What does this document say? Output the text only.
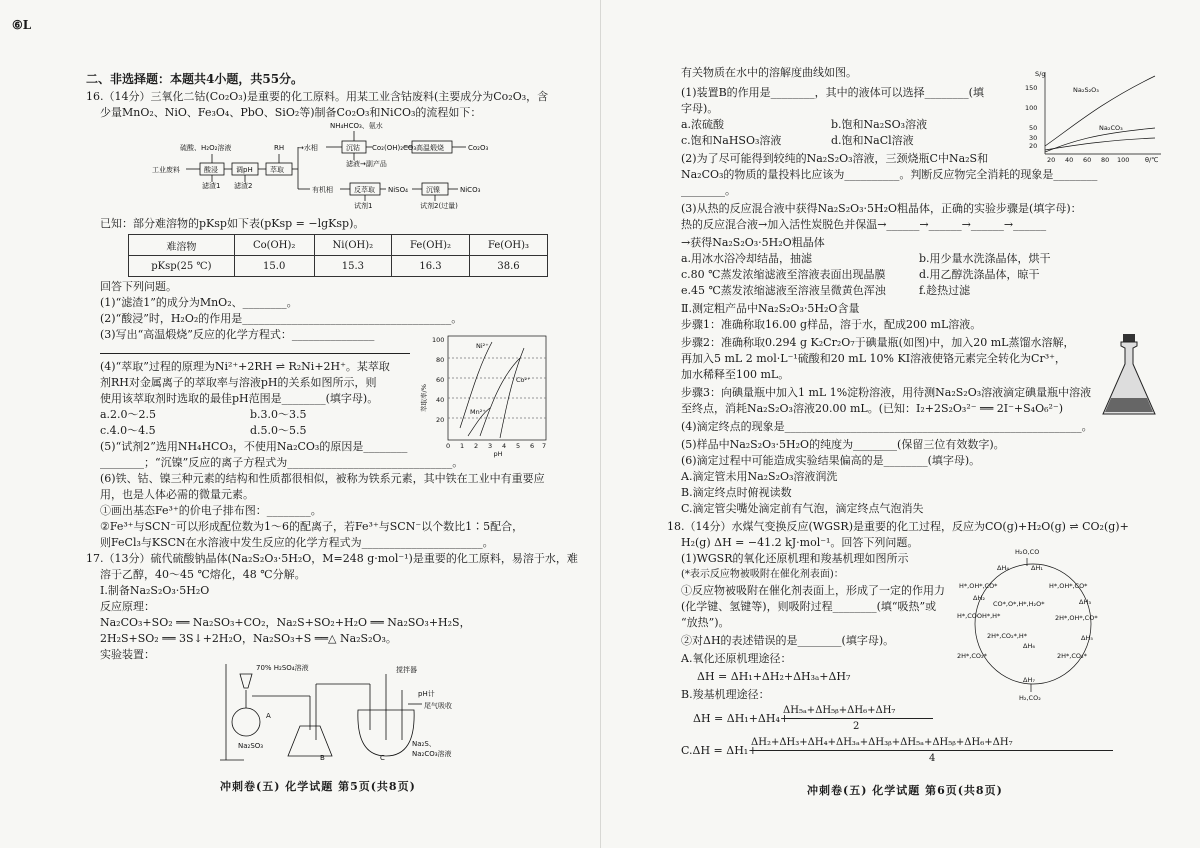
⑥L
二、非选择题：本题共4小题，共55分。
16.（14分）三氧化二钴(Co₂O₃)是重要的化工原料。用某工业含钴废料(主要成分为Co₂O₃，含
少量MnO₂、NiO、Fe₃O₄、PbO、SiO₂等)制备Co₂O₃和NiCO₃的流程如下：
硫酸、H₂O₂溶液
工业废料	酸浸
滤渣1
调pH
滤渣2
RH
萃取
→水相
NH₄HCO₃、氨水
沉钴 Co₂(OH)₂CO₃ 高温煅烧	Co₂O₃
滤液→副产品
有机相	反萃取 NiSO₄	沉镍	NiCO₃
试剂1	试剂2(过量)
已知：部分难溶物的pKsp如下表(pKsp = −lgKsp)。
难溶物	Co(OH)₂	Ni(OH)₂	Fe(OH)₂	Fe(OH)₃
pKsp(25 ℃)	15.0	15.3	16.3	38.6
回答下列问题。
(1)“滤渣1”的成分为MnO₂、________。
(2)“酸浸”时，H₂O₂的作用是______________________________________。
(3)写出“高温煅烧”反应的化学方程式：_______________
(4)“萃取”过程的原理为Ni²⁺+2RH ⇌ R₂Ni+2H⁺。某萃取
剂RH对金属离子的萃取率与溶液pH的关系如图所示，则
使用该萃取剂时选取的最佳pH范围是________(填字母)。
a.2.0～2.5	b.3.0～3.5
c.4.0～4.5	d.5.0～5.5
(5)“试剂2”选用NH₄HCO₃，不使用Na₂CO₃的原因是________
________；“沉镍”反应的离子方程式为______________________________。
(6)铁、钴、镍三种元素的结构和性质都很相似，被称为铁系元素，其中铁在工业中有重要应
用，也是人体必需的微量元素。
①画出基态Fe³⁺的价电子排布图：________。
②Fe³⁺与SCN⁻可以形成配位数为1～6的配离子，若Fe³⁺与SCN⁻以个数比1∶5配合，
则FeCl₃与KSCN在水溶液中发生反应的化学方程式为______________________。
萃取率/%
pH
20
40
60
80
100
0 1 2 3 4 5 6 7
Ni²⁺
Co²⁺
Mn²⁺
17.（13分）硫代硫酸钠晶体(Na₂S₂O₃·5H₂O，M=248 g·mol⁻¹)是重要的化工原料，易溶于水，难
溶于乙醇，40～45 ℃熔化，48 ℃分解。
Ⅰ.制备Na₂S₂O₃·5H₂O
反应原理：
Na₂CO₃+SO₂ ══ Na₂SO₃+CO₂，Na₂S+SO₂+H₂O ══ Na₂SO₃+H₂S，
2H₂S+SO₂ ══ 3S↓+2H₂O，Na₂SO₃+S ══△ Na₂S₂O₃。
实验装置：
70% H₂SO₄溶液	搅拌器
pH计
尾气吸收
Na₂SO₃
A
B	C
Na₂S、
Na₂CO₃溶液
冲刺卷(五) 化学试题 第5页(共8页)
有关物质在水中的溶解度曲线如图。
(1)装置B的作用是________，其中的液体可以选择________(填
字母)。
a.浓硫酸	b.饱和Na₂SO₃溶液
c.饱和NaHSO₃溶液	d.饱和NaCl溶液
(2)为了尽可能得到较纯的Na₂S₂O₃溶液，三颈烧瓶C中Na₂S和
Na₂CO₃的物质的量投料比应该为__________。判断反应物完全消耗的现象是________
________。
S/g
150
100
50
30
20
20 40 60 80 100 θ/℃
Na₂S₂O₃
Na₂CO₃
(3)从热的反应混合液中获得Na₂S₂O₃·5H₂O粗晶体，正确的实验步骤是(填字母)：
热的反应混合液→加入活性炭脱色并保温→______→______→______→______
→获得Na₂S₂O₃·5H₂O粗晶体
a.用冰水浴冷却结晶，抽滤	b.用少量水洗涤晶体，烘干
c.80 ℃蒸发浓缩滤液至溶液表面出现晶膜	d.用乙醇洗涤晶体，晾干
e.45 ℃蒸发浓缩滤液至溶液呈微黄色浑浊	f.趁热过滤
Ⅱ.测定粗产品中Na₂S₂O₃·5H₂O含量
步骤1：准确称取16.00 g样品，溶于水，配成200 mL溶液。
步骤2：准确称取0.294 g K₂Cr₂O₇于碘量瓶(如图)中，加入20 mL蒸馏水溶解，
再加入5 mL 2 mol·L⁻¹硫酸和20 mL 10% KI溶液使铬元素完全转化为Cr³⁺，
加水稀释至100 mL。
步骤3：向碘量瓶中加入1 mL 1%淀粉溶液，用待测Na₂S₂O₃溶液滴定碘量瓶中溶液
至终点，消耗Na₂S₂O₃溶液20.00 mL。(已知：I₂+2S₂O₃²⁻ ══ 2I⁻+S₄O₆²⁻)
(4)滴定终点的现象是______________________________________________________。
(5)样品中Na₂S₂O₃·5H₂O的纯度为________(保留三位有效数字)。
(6)滴定过程中可能造成实验结果偏高的是________(填字母)。
A.滴定管未用Na₂S₂O₃溶液润洗
B.滴定终点时俯视读数
C.滴定管尖嘴处滴定前有气泡，滴定终点气泡消失
18.（14分）水煤气变换反应(WGSR)是重要的化工过程，反应为CO(g)+H₂O(g) ⇌ CO₂(g)+
H₂(g) ΔH = −41.2 kJ·mol⁻¹。回答下列问题。
(1)WGSR的氧化还原机理和羧基机理如图所示
(*表示反应物被吸附在催化剂表面)：
①反应物被吸附在催化剂表面上，形成了一定的作用力
(化学键、氢键等)，则吸附过程________(填“吸热”或
“放热”)。
②对ΔH的表述错误的是________(填字母)。
A.氧化还原机理途径：
ΔH = ΔH₁+ΔH₂+ΔH₃ₐ+ΔH₇
B.羧基机理途径：
ΔH = ΔH₁+ΔH₄+
ΔH₅ₐ+ΔH₅ᵦ+ΔH₆+ΔH₇
2
C.ΔH = ΔH₁+
ΔH₂+ΔH₃+ΔH₄+ΔH₃ₐ+ΔH₃ᵦ+ΔH₅ₐ+ΔH₅ᵦ+ΔH₆+ΔH₇
4
H₂O,CO
H₂,CO₂
H*,OH*,CO*	H*,OH*,CO*
H*,COOH*,H*
CO*,O*,H*,H₂O*
2H*,OH*,CO*
2H*,CO₂*,H*
2H*,CO₂*	2H*,CO₂*
ΔH₁
ΔH₂	ΔH₃
ΔH₄
ΔH₅
ΔH₆
ΔH₇
冲刺卷(五) 化学试题 第6页(共8页)
